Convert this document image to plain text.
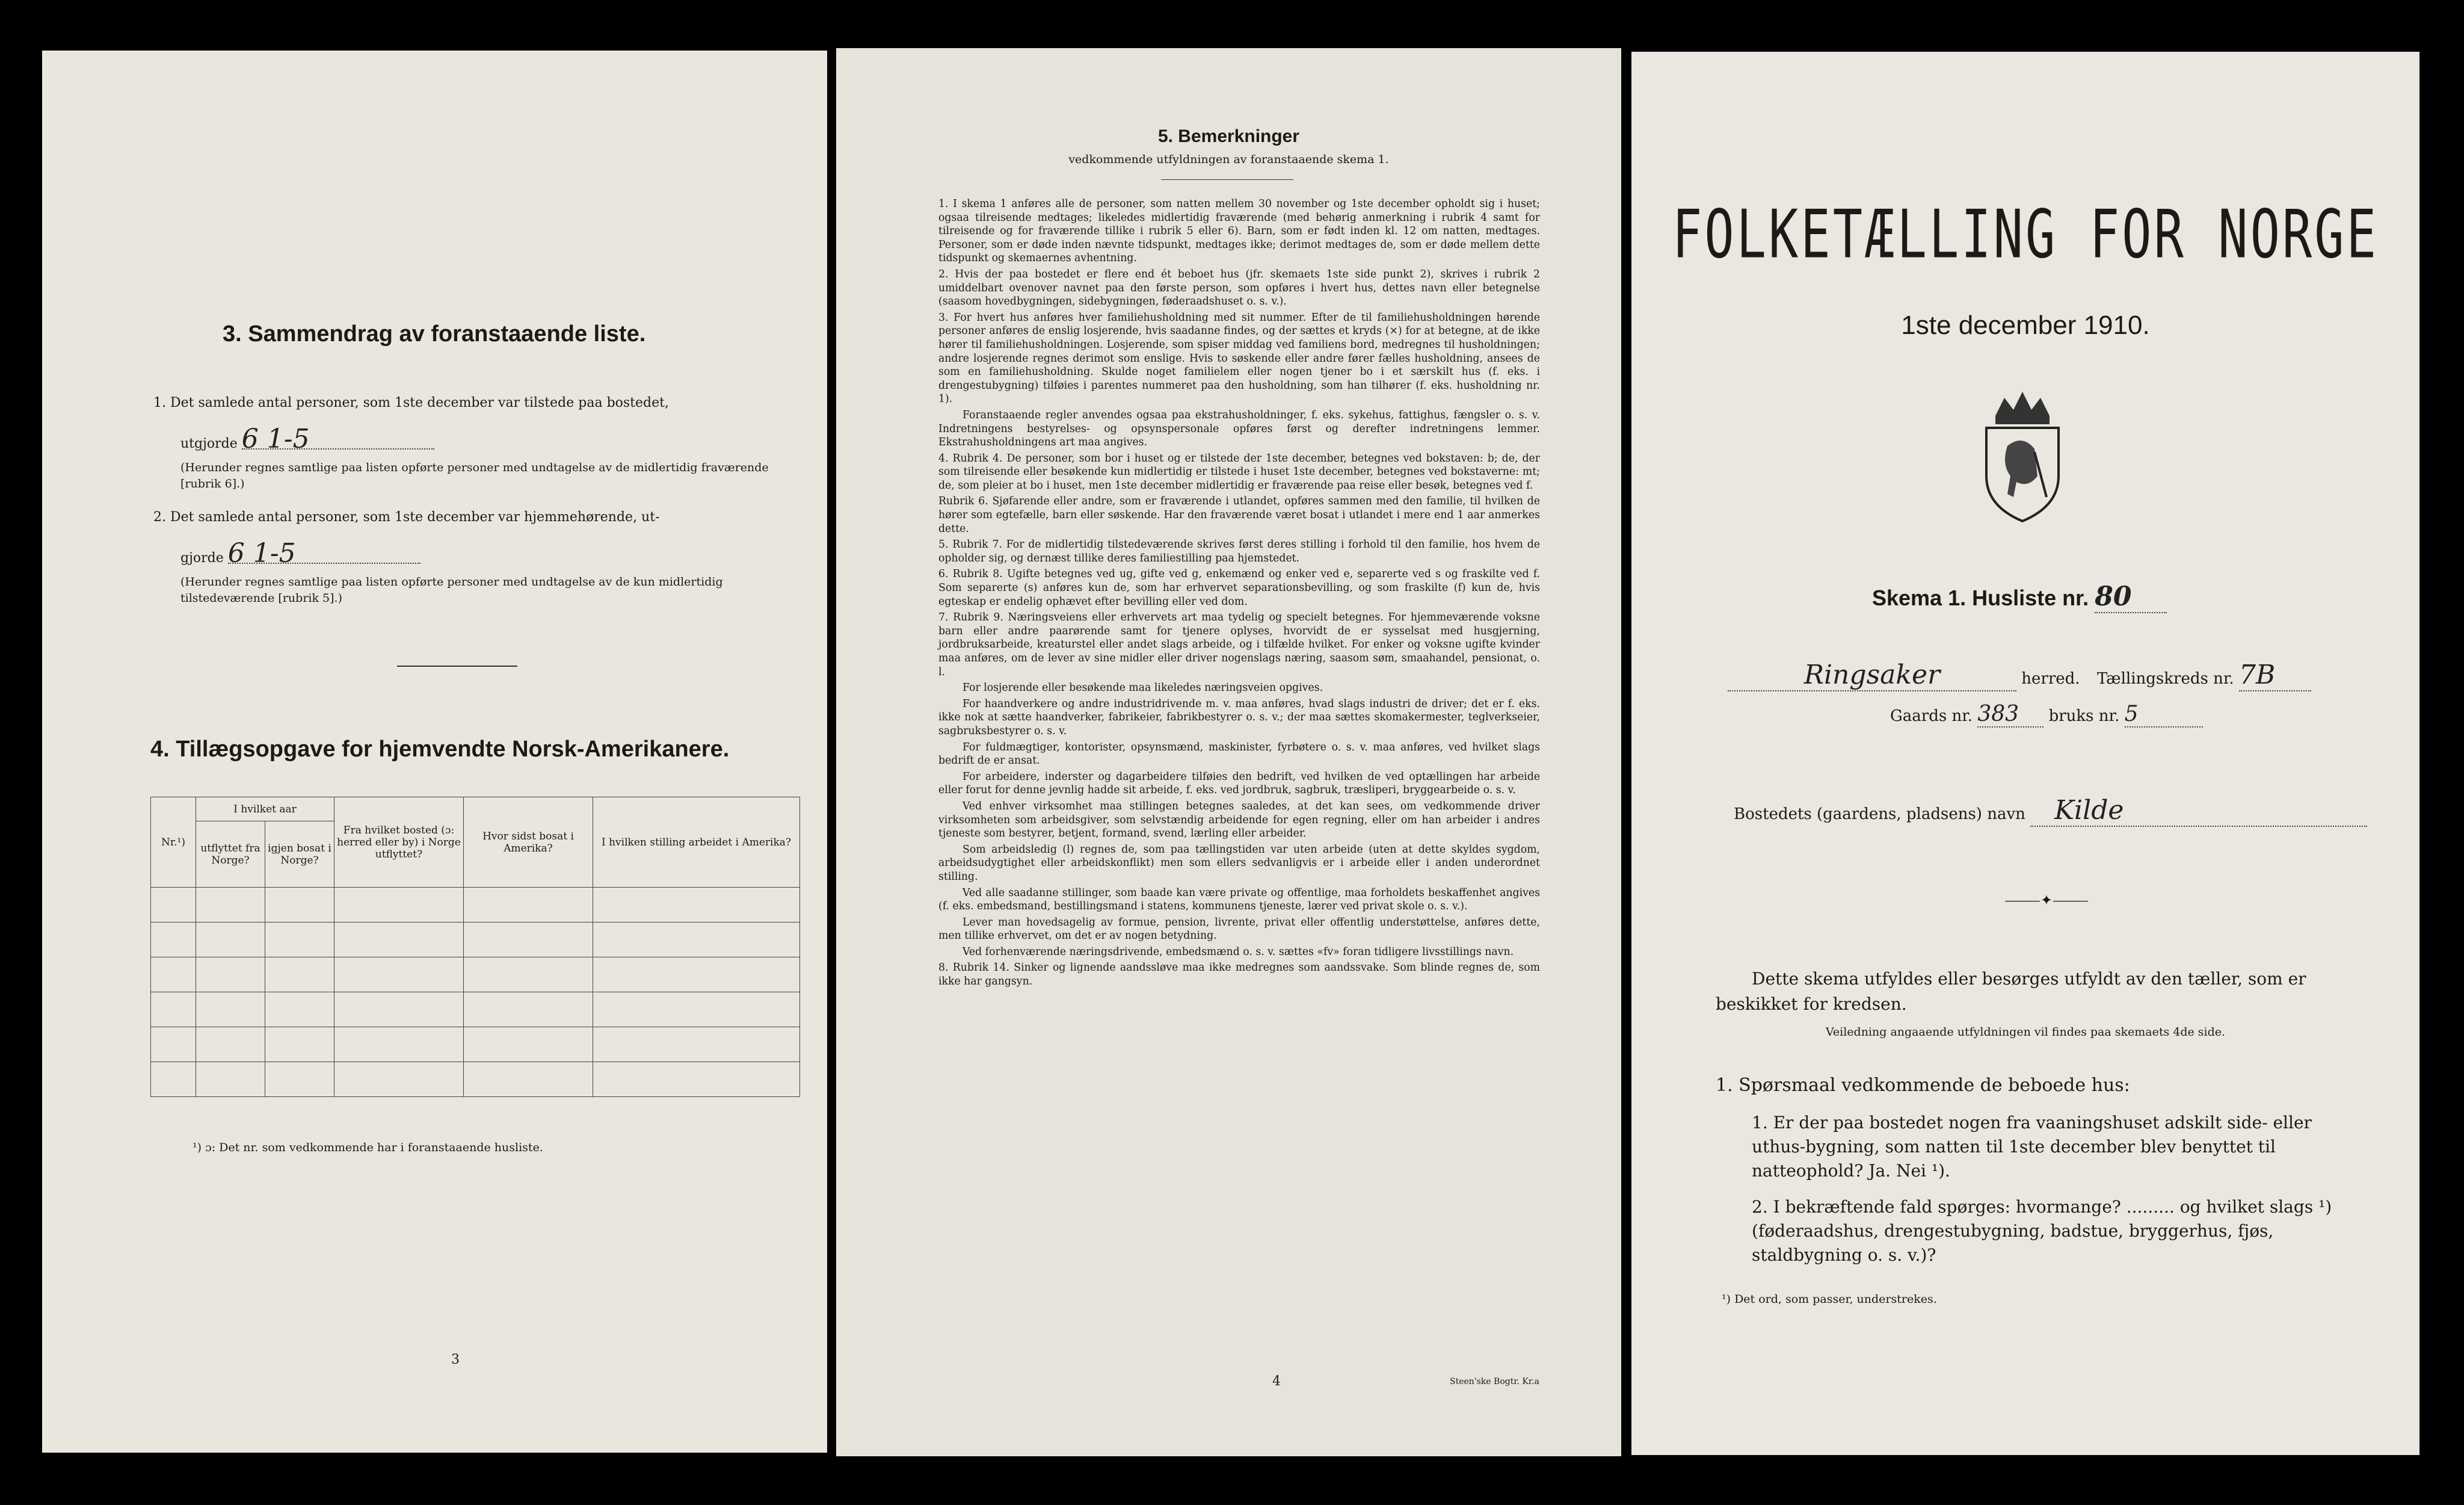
3. Sammendrag av foranstaaende liste.
1. Det samlede antal personer, som 1ste december var tilstede paa bostedet,
utgjorde 6 1-5
(Herunder regnes samtlige paa listen opførte personer med undtagelse av de midlertidig fraværende [rubrik 6].)
2. Det samlede antal personer, som 1ste december var hjemmehørende, ut-
gjorde 6 1-5
(Herunder regnes samtlige paa listen opførte personer med undtagelse av de kun midlertidig tilstedeværende [rubrik 5].)
4. Tillægsopgave for hjemvendte Norsk-Amerikanere.
Nr.¹)	I hvilket aar		Fra hvilket bosted (ɔ: herred eller by) i Norge utflyttet?	Hvor sidst bosat i Amerika?	I hvilken stilling arbeidet i Amerika?
	utflyttet fra Norge?	igjen bosat i Norge?			

¹) ɔ: Det nr. som vedkommende har i foranstaaende husliste.
3
5. Bemerkninger
vedkommende utfyldningen av foranstaaende skema 1.

1. I skema 1 anføres alle de personer, som natten mellem 30 november og 1ste december opholdt sig i huset; ogsaa tilreisende medtages; likeledes midlertidig fraværende (med behørig anmerkning i rubrik 4 samt for tilreisende og for fraværende tillike i rubrik 5 eller 6). Barn, som er født inden kl. 12 om natten, medtages. Personer, som er døde inden nævnte tidspunkt, medtages ikke; derimot medtages de, som er døde mellem dette tidspunkt og skemaernes avhentning.

2. Hvis der paa bostedet er flere end ét beboet hus (jfr. skemaets 1ste side punkt 2), skrives i rubrik 2 umiddelbart ovenover navnet paa den første person, som opføres i hvert hus, dettes navn eller betegnelse (saasom hovedbygningen, sidebygningen, føderaadshuset o. s. v.).

3. For hvert hus anføres hver familiehusholdning med sit nummer. Efter de til familiehusholdningen hørende personer anføres de enslig losjerende, hvis saadanne findes, og der sættes et kryds (×) for at betegne, at de ikke hører til familiehusholdningen. Losjerende, som spiser middag ved familiens bord, medregnes til husholdningen; andre losjerende regnes derimot som enslige. Hvis to søskende eller andre fører fælles husholdning, ansees de som en familiehusholdning. Skulde noget familielem eller nogen tjener bo i et særskilt hus (f. eks. i drengestubygning) tilføies i parentes nummeret paa den husholdning, som han tilhører (f. eks. husholdning nr. 1).

Foranstaaende regler anvendes ogsaa paa ekstrahusholdninger, f. eks. sykehus, fattighus, fængsler o. s. v. Indretningens bestyrelses- og opsynspersonale opføres først og derefter indretningens lemmer. Ekstrahusholdningens art maa angives.

4. Rubrik 4. De personer, som bor i huset og er tilstede der 1ste december, betegnes ved bokstaven: b; de, der som tilreisende eller besøkende kun midlertidig er tilstede i huset 1ste december, betegnes ved bokstaverne: mt; de, som pleier at bo i huset, men 1ste december midlertidig er fraværende paa reise eller besøk, betegnes ved f.

Rubrik 6. Sjøfarende eller andre, som er fraværende i utlandet, opføres sammen med den familie, til hvilken de hører som egtefælle, barn eller søskende. Har den fraværende været bosat i utlandet i mere end 1 aar anmerkes dette.

5. Rubrik 7. For de midlertidig tilstedeværende skrives først deres stilling i forhold til den familie, hos hvem de opholder sig, og dernæst tillike deres familiestilling paa hjemstedet.

6. Rubrik 8. Ugifte betegnes ved ug, gifte ved g, enkemænd og enker ved e, separerte ved s og fraskilte ved f. Som separerte (s) anføres kun de, som har erhvervet separationsbevilling, og som fraskilte (f) kun de, hvis egteskap er endelig ophævet efter bevilling eller ved dom.

7. Rubrik 9. Næringsveiens eller erhvervets art maa tydelig og specielt betegnes. For hjemmeværende voksne barn eller andre paarørende samt for tjenere oplyses, hvorvidt de er sysselsat med husgjerning, jordbruksarbeide, kreaturstel eller andet slags arbeide, og i tilfælde hvilket. For enker og voksne ugifte kvinder maa anføres, om de lever av sine midler eller driver nogenslags næring, saasom søm, smaahandel, pensionat, o. l.

For losjerende eller besøkende maa likeledes næringsveien opgives.

For haandverkere og andre industridrivende m. v. maa anføres, hvad slags industri de driver; det er f. eks. ikke nok at sætte haandverker, fabrikeier, fabrikbestyrer o. s. v.; der maa sættes skomakermester, teglverkseier, sagbruksbestyrer o. s. v.

For fuldmægtiger, kontorister, opsynsmænd, maskinister, fyrbøtere o. s. v. maa anføres, ved hvilket slags bedrift de er ansat.

For arbeidere, inderster og dagarbeidere tilføies den bedrift, ved hvilken de ved optællingen har arbeide eller forut for denne jevnlig hadde sit arbeide, f. eks. ved jordbruk, sagbruk, træsliperi, bryggearbeide o. s. v.

Ved enhver virksomhet maa stillingen betegnes saaledes, at det kan sees, om vedkommende driver virksomheten som arbeidsgiver, som selvstændig arbeidende for egen regning, eller om han arbeider i andres tjeneste som bestyrer, betjent, formand, svend, lærling eller arbeider.

Som arbeidsledig (l) regnes de, som paa tællingstiden var uten arbeide (uten at dette skyldes sygdom, arbeidsudygtighet eller arbeidskonflikt) men som ellers sedvanligvis er i arbeide eller i anden underordnet stilling.

Ved alle saadanne stillinger, som baade kan være private og offentlige, maa forholdets beskaffenhet angives (f. eks. embedsmand, bestillingsmand i statens, kommunens tjeneste, lærer ved privat skole o. s. v.).

Lever man hovedsagelig av formue, pension, livrente, privat eller offentlig understøttelse, anføres dette, men tillike erhvervet, om det er av nogen betydning.

Ved forhenværende næringsdrivende, embedsmænd o. s. v. sættes «fv» foran tidligere livsstillings navn.

8. Rubrik 14. Sinker og lignende aandssløve maa ikke medregnes som aandssvake. Som blinde regnes de, som ikke har gangsyn.

4	Steen'ske Bogtr. Kr.a
FOLKETÆLLING FOR NORGE
1ste december 1910.
Skema 1. Husliste nr. 80
Ringsaker	herred. Tællingskreds nr. 7B
Gaards nr. 383 bruks nr. 5
Bostedets (gaardens, pladsens) navn Kilde
⸻✦⸻
Dette skema utfyldes eller besørges utfyldt av den tæller, som er beskikket for kredsen.
Veiledning angaaende utfyldningen vil findes paa skemaets 4de side.
1. Spørsmaal vedkommende de beboede hus:
1. Er der paa bostedet nogen fra vaaningshuset adskilt side- eller uthus-bygning, som natten til 1ste december blev benyttet til natteophold? Ja. Nei ¹).
2. I bekræftende fald spørges: hvormange? ......... og hvilket slags ¹) (føderaadshus, drengestubygning, badstue, bryggerhus, fjøs, staldbygning o. s. v.)?
¹) Det ord, som passer, understrekes.
